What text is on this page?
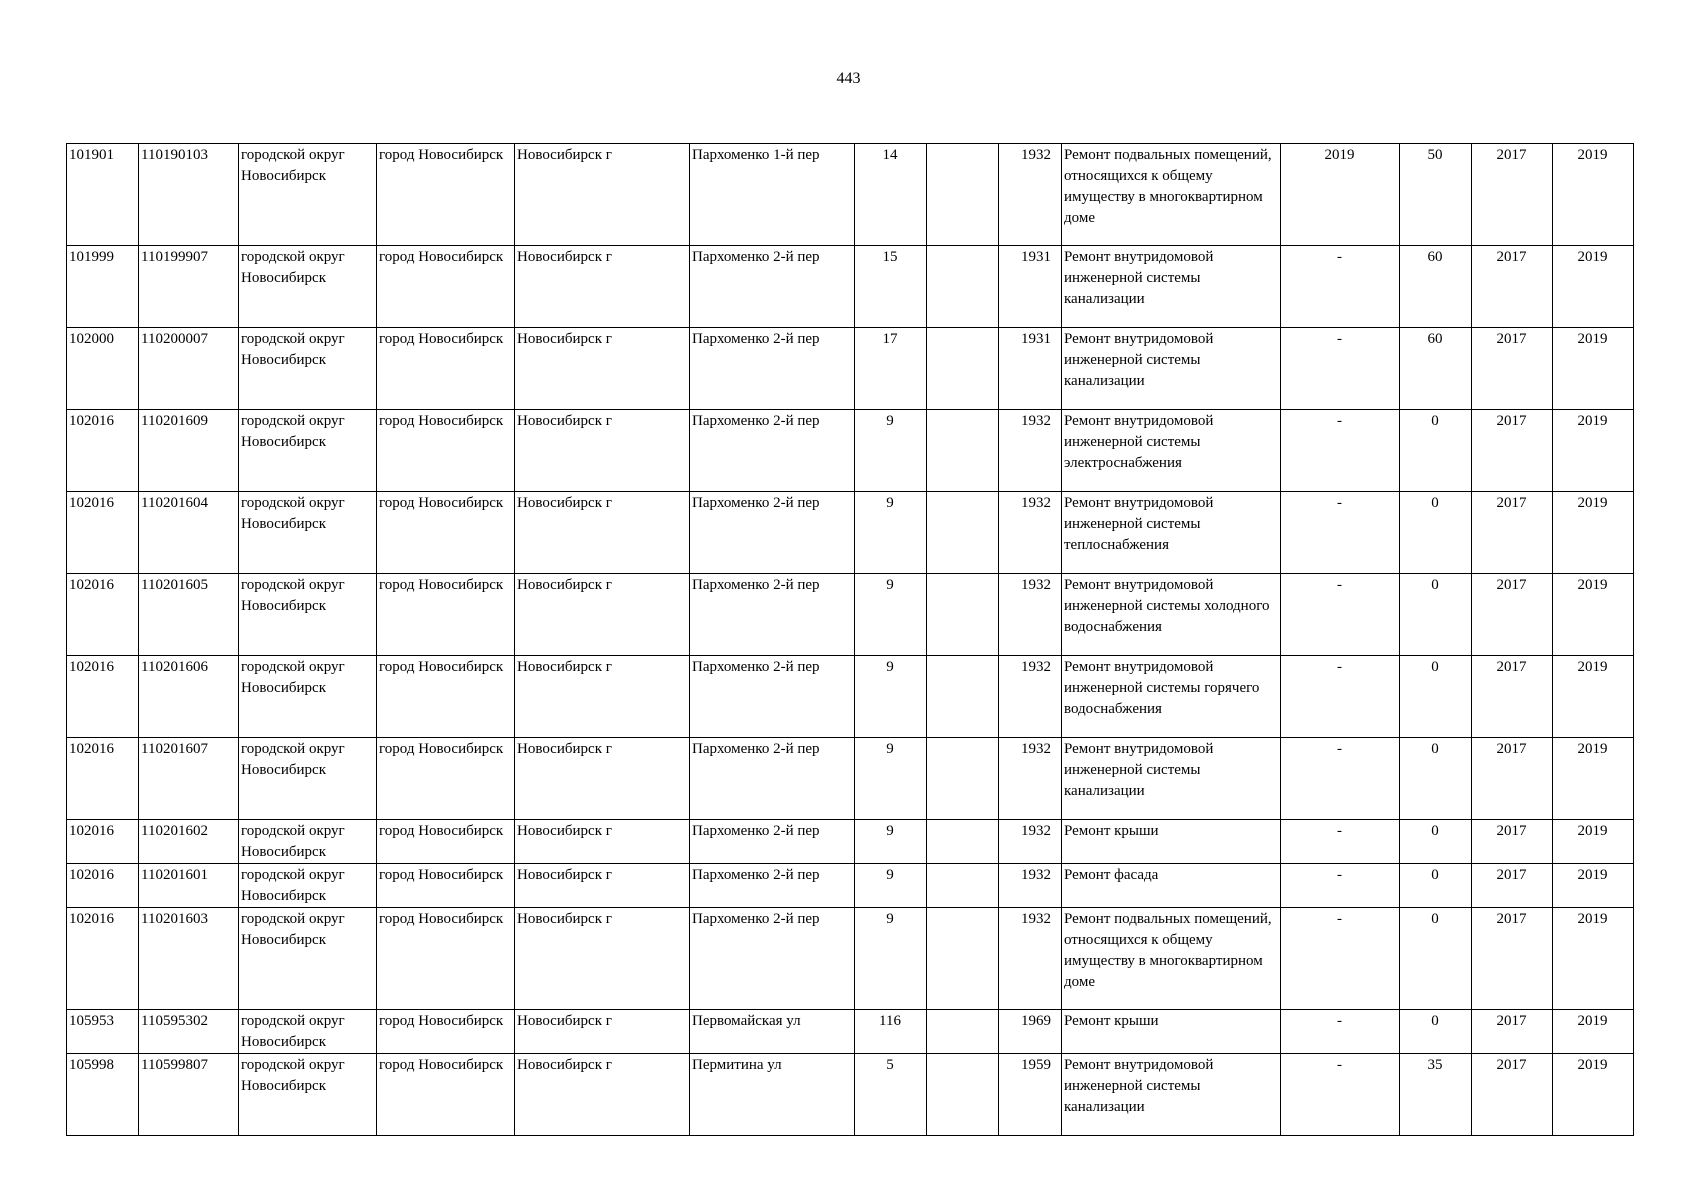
443
101901	110190103	городской округ Новосибирск	город Новосибирск	Новосибирск г	Пархоменко 1-й пер	14		1932	Ремонт подвальных помещений, относящихся к общему имуществу в многоквартирном доме	2019	50	2017	2019
101999	110199907	городской округ Новосибирск	город Новосибирск	Новосибирск г	Пархоменко 2-й пер	15		1931	Ремонт внутридомовой инженерной системы канализации	-	60	2017	2019
102000	110200007	городской округ Новосибирск	город Новосибирск	Новосибирск г	Пархоменко 2-й пер	17		1931	Ремонт внутридомовой инженерной системы канализации	-	60	2017	2019
102016	110201609	городской округ Новосибирск	город Новосибирск	Новосибирск г	Пархоменко 2-й пер	9		1932	Ремонт внутридомовой инженерной системы электроснабжения	-	0	2017	2019
102016	110201604	городской округ Новосибирск	город Новосибирск	Новосибирск г	Пархоменко 2-й пер	9		1932	Ремонт внутридомовой инженерной системы теплоснабжения	-	0	2017	2019
102016	110201605	городской округ Новосибирск	город Новосибирск	Новосибирск г	Пархоменко 2-й пер	9		1932	Ремонт внутридомовой инженерной системы холодного водоснабжения	-	0	2017	2019
102016	110201606	городской округ Новосибирск	город Новосибирск	Новосибирск г	Пархоменко 2-й пер	9		1932	Ремонт внутридомовой инженерной системы горячего водоснабжения	-	0	2017	2019
102016	110201607	городской округ Новосибирск	город Новосибирск	Новосибирск г	Пархоменко 2-й пер	9		1932	Ремонт внутридомовой инженерной системы канализации	-	0	2017	2019
102016	110201602	городской округ Новосибирск	город Новосибирск	Новосибирск г	Пархоменко 2-й пер	9		1932	Ремонт крыши	-	0	2017	2019
102016	110201601	городской округ Новосибирск	город Новосибирск	Новосибирск г	Пархоменко 2-й пер	9		1932	Ремонт фасада	-	0	2017	2019
102016	110201603	городской округ Новосибирск	город Новосибирск	Новосибирск г	Пархоменко 2-й пер	9		1932	Ремонт подвальных помещений, относящихся к общему имуществу в многоквартирном доме	-	0	2017	2019
105953	110595302	городской округ Новосибирск	город Новосибирск	Новосибирск г	Первомайская ул	116		1969	Ремонт крыши	-	0	2017	2019
105998	110599807	городской округ Новосибирск	город Новосибирск	Новосибирск г	Пермитина ул	5		1959	Ремонт внутридомовой инженерной системы канализации	-	35	2017	2019
